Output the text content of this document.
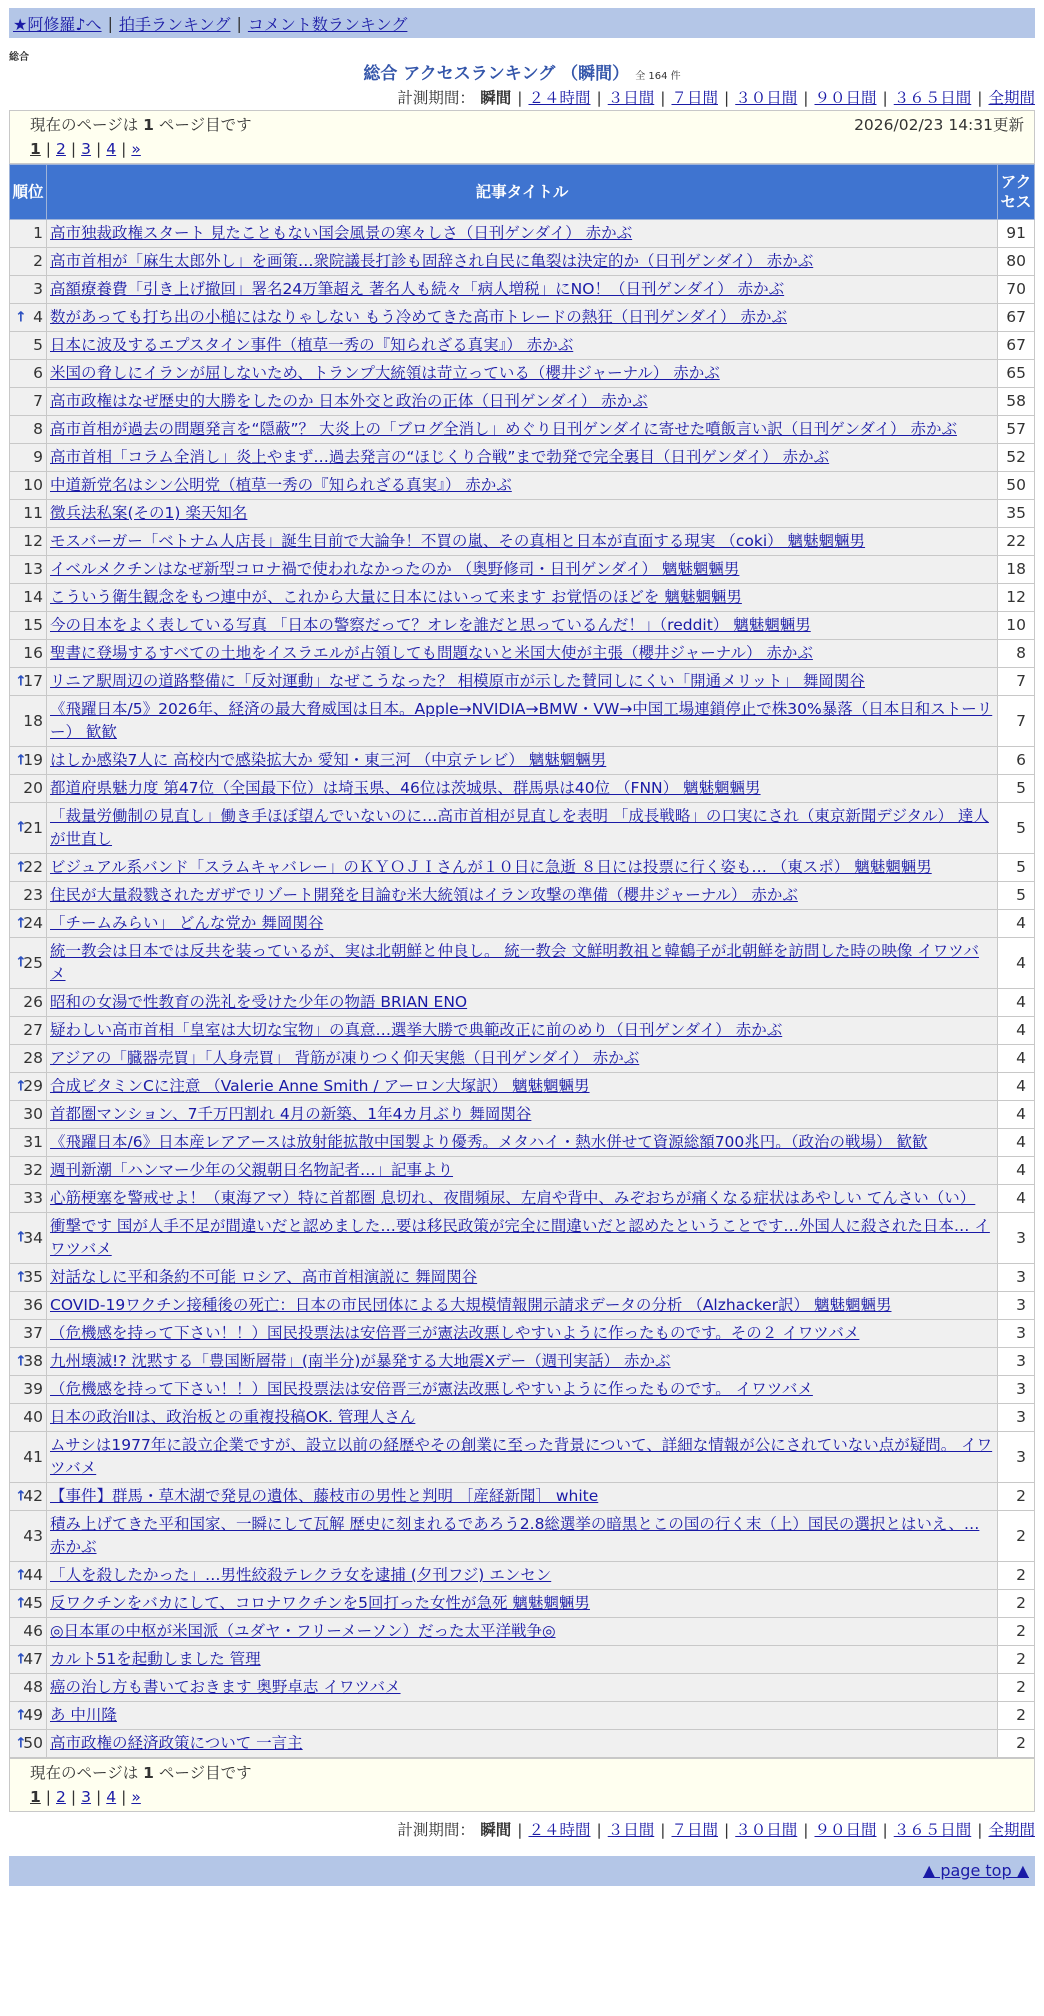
★阿修羅♪へ | 拍手ランキング | コメント数ランキング
総合
総合 アクセスランキング （瞬間） 全 164 件
計測期間： 瞬間 | ２４時間 | ３日間 | ７日間 | ３０日間 | ９０日間 | ３６５日間 | 全期間
現在のページは 1 ページ目です	2026/02/23 14:31更新
1 | 2 | 3 | 4 | »
順位	記事タイトル	アクセス
1	高市独裁政権スタート 見たこともない国会風景の寒々しさ（日刊ゲンダイ） 赤かぶ	91
2	高市首相が「麻生太郎外し」を画策…衆院議長打診も固辞され自民に亀裂は決定的か（日刊ゲンダイ） 赤かぶ	80
3	高額療養費「引き上げ撤回」署名24万筆超え 著名人も続々「病人増税」にNO！（日刊ゲンダイ） 赤かぶ	70

↑ 4	数があっても打ち出の小槌にはなりゃしない もう冷めてきた高市トレードの熱狂（日刊ゲンダイ） 赤かぶ	67
5	日本に波及するエプスタイン事件（植草一秀の『知られざる真実』） 赤かぶ	67
6	米国の脅しにイランが屈しないため、トランプ大統領は苛立っている（櫻井ジャーナル） 赤かぶ	65
7	高市政権はなぜ歴史的大勝をしたのか 日本外交と政治の正体（日刊ゲンダイ） 赤かぶ	58
8	高市首相が過去の問題発言を“隠蔽”？ 大炎上の「ブログ全消し」めぐり日刊ゲンダイに寄せた噴飯言い訳（日刊ゲンダイ） 赤かぶ	57
9	高市首相「コラム全消し」炎上やまず…過去発言の“ほじくり合戦”まで勃発で完全裏目（日刊ゲンダイ） 赤かぶ	52
10	中道新党名はシン公明党（植草一秀の『知られざる真実』） 赤かぶ	50
11	徴兵法私案(その1) 楽天知名	35
12	モスバーガー「ベトナム人店長」誕生目前で大論争！不買の嵐、その真相と日本が直面する現実 （coki） 魑魅魍魎男	22
13	イベルメクチンはなぜ新型コロナ禍で使われなかったのか （奥野修司・日刊ゲンダイ） 魑魅魍魎男	18
14	こういう衛生観念をもつ連中が、これから大量に日本にはいって来ます お覚悟のほどを 魑魅魍魎男	12
15	今の日本をよく表している写真 「日本の警察だって？オレを誰だと思っているんだ！」（reddit） 魑魅魍魎男	10
16	聖書に登場するすべての土地をイスラエルが占領しても問題ないと米国大使が主張（櫻井ジャーナル） 赤かぶ	8

↑
17	リニア駅周辺の道路整備に「反対運動」なぜこうなった？ 相模原市が示した賛同しにくい「開通メリット」 舞岡関谷	7
18	《飛躍日本/5》2026年、経済の最大脅威国は日本。Apple→NVIDIA→BMW・VW→中国工場連鎖停止で株30%暴落（日本日和ストーリー） 歓歓	7

↑
19	はしか感染7人に 高校内で感染拡大か 愛知・東三河 （中京テレビ） 魑魅魍魎男	6
20	都道府県魅力度 第47位（全国最下位）は埼玉県、46位は茨城県、群馬県は40位 （FNN） 魑魅魍魎男	5

↑
21	「裁量労働制の見直し」働き手ほぼ望んでいないのに…高市首相が見直しを表明 「成長戦略」の口実にされ（東京新聞デジタル） 達人が世直し	5

↑
22	ビジュアル系バンド「スラムキャバレー」のＫＹＯＪＩさんが１０日に急逝 ８日には投票に行く姿も… （東スポ） 魑魅魍魎男	5
23	住民が大量殺戮されたガザでリゾート開発を目論む米大統領はイラン攻撃の準備（櫻井ジャーナル） 赤かぶ	5

↑
24	「チームみらい」 どんな党か 舞岡関谷	4

↑
25	統一教会は日本では反共を装っているが、実は北朝鮮と仲良し。 統一教会 文鮮明教祖と韓鶴子が北朝鮮を訪問した時の映像 イワツバメ	4
26	昭和の女湯で性教育の洗礼を受けた少年の物語 BRIAN ENO	4
27	疑わしい高市首相「皇室は大切な宝物」の真意…選挙大勝で典範改正に前のめり（日刊ゲンダイ） 赤かぶ	4
28	アジアの「臓器売買」「人身売買」 背筋が凍りつく仰天実態（日刊ゲンダイ） 赤かぶ	4

↑
29	合成ビタミンCに注意 （Valerie Anne Smith / アーロン大塚訳） 魑魅魍魎男	4
30	首都圏マンション、7千万円割れ 4月の新築、1年4カ月ぶり 舞岡関谷	4
31	《飛躍日本/6》日本産レアアースは放射能拡散中国製より優秀。メタハイ・熱水併せて資源総額700兆円。（政治の戦場） 歓歓	4
32	週刊新潮「ハンマー少年の父親朝日名物記者…」記事より	4
33	心筋梗塞を警戒せよ！（東海アマ）特に首都圏 息切れ、夜間頻尿、左肩や背中、みぞおちが痛くなる症状はあやしい てんさい（い）	4

↑
34	衝撃です 国が人手不足が間違いだと認めました…要は移民政策が完全に間違いだと認めたということです…外国人に殺された日本… イワツバメ	3

↑
35	対話なしに平和条約不可能 ロシア、高市首相演説に 舞岡関谷	3
36	COVID-19ワクチン接種後の死亡：日本の市民団体による大規模情報開示請求データの分析 （Alzhacker訳） 魑魅魍魎男	3
37	（危機感を持って下さい！！）国民投票法は安倍晋三が憲法改悪しやすいように作ったものです。その２ イワツバメ	3

↑
38	九州壊滅!? 沈黙する「豊国断層帯」(南半分)が暴発する大地震Xデー（週刊実話） 赤かぶ	3
39	（危機感を持って下さい！！）国民投票法は安倍晋三が憲法改悪しやすいように作ったものです。 イワツバメ	3
40	日本の政治Ⅱは、政治板との重複投稿OK. 管理人さん	3
41	ムサシは1977年に設立企業ですが、設立以前の経歴やその創業に至った背景について、詳細な情報が公にされていない点が疑問。 イワツバメ	3

↑
42	【事件】群馬・草木湖で発見の遺体、藤枝市の男性と判明 ［産経新聞］ white	2
43	積み上げてきた平和国家、一瞬にして瓦解 歴史に刻まれるであろう2.8総選挙の暗黒とこの国の行く末（上）国民の選択とはいえ、… 赤かぶ	2

↑
44	「人を殺したかった」…男性絞殺テレクラ女を逮捕 (夕刊フジ) エンセン	2

↑
45	反ワクチンをバカにして、コロナワクチンを5回打った女性が急死 魑魅魍魎男	2
46	◎日本軍の中枢が米国派（ユダヤ・フリーメーソン）だった太平洋戦争◎	2

↑
47	カルト51を起動しました 管理	2
48	癌の治し方も書いておきます 奥野卓志 イワツバメ	2

↑
49	あ 中川隆	2

↑
50	高市政権の経済政策について 一言主	2
現在のページは 1 ページ目です
1 | 2 | 3 | 4 | »
計測期間： 瞬間 | ２４時間 | ３日間 | ７日間 | ３０日間 | ９０日間 | ３６５日間 | 全期間
▲ page top ▲
